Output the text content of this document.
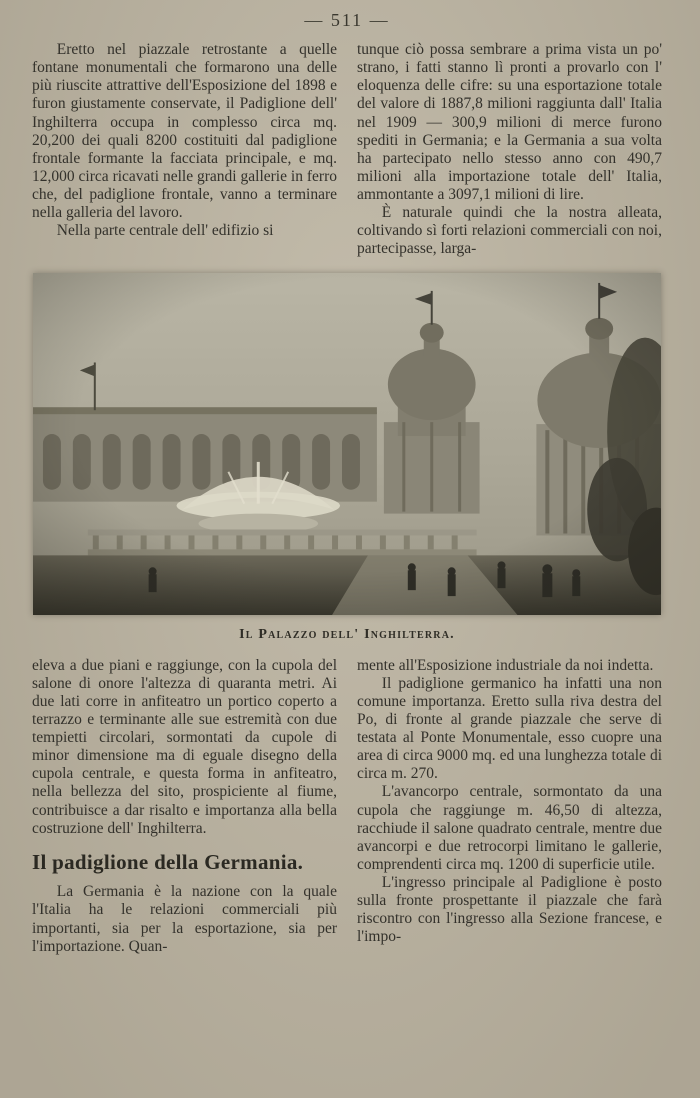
— 511 —

Eretto nel piazzale retrostante a quelle fontane monumentali che formarono una delle più riuscite attrattive dell'Esposizione del 1898 e furon giustamente conservate, il Padiglione dell' Inghilterra occupa in complesso circa mq. 20,200 dei quali 8200 costituiti dal padiglione frontale formante la facciata principale, e mq. 12,000 circa ricavati nelle grandi gallerie in ferro che, del padiglione frontale, vanno a terminare nella galleria del lavoro.

Nella parte centrale dell' edifizio si

tunque ciò possa sembrare a prima vista un po' strano, i fatti stanno lì pronti a provarlo con l' eloquenza delle cifre: su una esportazione totale del valore di 1887,8 milioni raggiunta dall' Italia nel 1909 — 300,9 milioni di merce furono spediti in Germania; e la Germania a sua volta ha partecipato nello stesso anno con 490,7 milioni alla importazione totale dell' Italia, ammontante a 3097,1 milioni di lire.

È naturale quindi che la nostra alleata, coltivando sì forti relazioni commerciali con noi, partecipasse, larga-

Il Palazzo dell' Inghilterra.

eleva a due piani e raggiunge, con la cupola del salone di onore l'altezza di quaranta metri. Ai due lati corre in anfiteatro un portico coperto a terrazzo e terminante alle sue estremità con due tempietti circolari, sormontati da cupole di minor dimensione ma di eguale disegno della cupola centrale, e questa forma in anfiteatro, nella bellezza del sito, prospiciente al fiume, contribuisce a dar risalto e importanza alla bella costruzione dell' Inghilterra.

Il padiglione della Germania.

La Germania è la nazione con la quale l'Italia ha le relazioni commerciali più importanti, sia per la esportazione, sia per l'importazione. Quan-

mente all'Esposizione industriale da noi indetta.

Il padiglione germanico ha infatti una non comune importanza. Eretto sulla riva destra del Po, di fronte al grande piazzale che serve di testata al Ponte Monumentale, esso cuopre una area di circa 9000 mq. ed una lunghezza totale di circa m. 270.

L'avancorpo centrale, sormontato da una cupola che raggiunge m. 46,50 di altezza, racchiude il salone quadrato centrale, mentre due avancorpi e due retrocorpi limitano le gallerie, comprendenti circa mq. 1200 di superficie utile.

L'ingresso principale al Padiglione è posto sulla fronte prospettante il piazzale che farà riscontro con l'ingresso alla Sezione francese, e l'impo-
